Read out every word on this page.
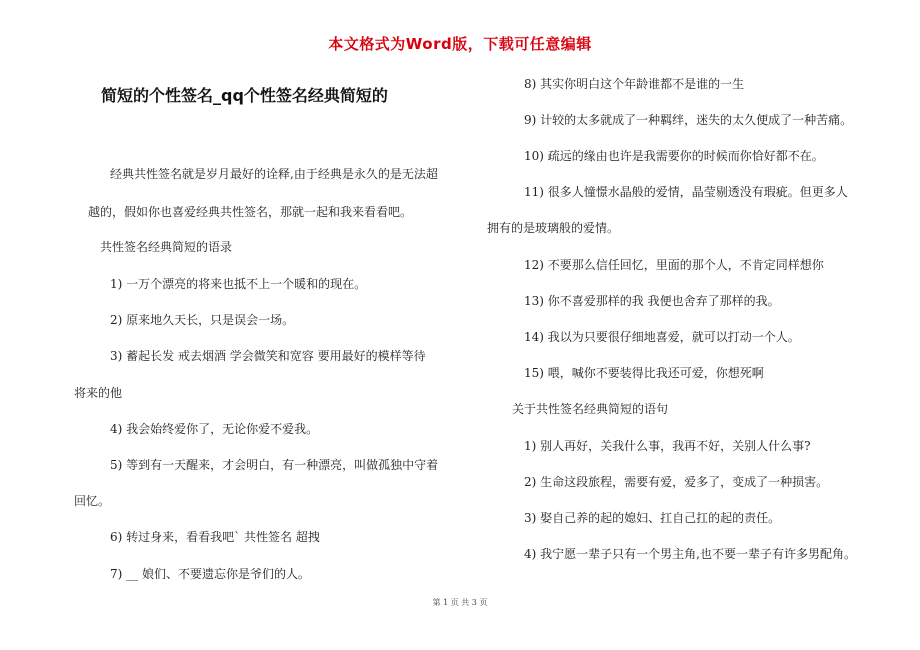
本文格式为Word版，下载可任意编辑
简短的个性签名_qq个性签名经典简短的
经典共性签名就是岁月最好的诠释,由于经典是永久的是无法超
越的，假如你也喜爱经典共性签名，那就一起和我来看看吧。
共性签名经典简短的语录
1) 一万个漂亮的将来也抵不上一个暖和的现在。
2) 原来地久天长，只是误会一场。
3) 蓄起长发 戒去烟酒 学会微笑和宽容 要用最好的模样等待
将来的他
4) 我会始终爱你了，无论你爱不爱我。
5) 等到有一天醒来，才会明白，有一种漂亮，叫做孤独中守着
回忆。
6) 转过身来，看看我吧` 共性签名 超拽
7) __ 娘们、不要遗忘你是爷们的人。
8) 其实你明白这个年龄谁都不是谁的一生
9) 计较的太多就成了一种羁绊，迷失的太久便成了一种苦痛。
10) 疏远的缘由也许是我需要你的时候而你恰好都不在。
11) 很多人憧憬水晶般的爱情，晶莹剔透没有瑕疵。但更多人
拥有的是玻璃般的爱情。
12) 不要那么信任回忆，里面的那个人，不肯定同样想你
13) 你不喜爱那样的我 我便也舍弃了那样的我。
14) 我以为只要很仔细地喜爱，就可以打动一个人。
15) 喂，喊你不要装得比我还可爱，你想死啊
关于共性签名经典简短的语句
1) 别人再好，关我什么事，我再不好，关别人什么事?
2) 生命这段旅程，需要有爱，爱多了，变成了一种损害。
3) 娶自己养的起的媳妇、扛自己扛的起的责任。
4) 我宁愿一辈子只有一个男主角,也不要一辈子有许多男配角。
第 1 页 共 3 页
